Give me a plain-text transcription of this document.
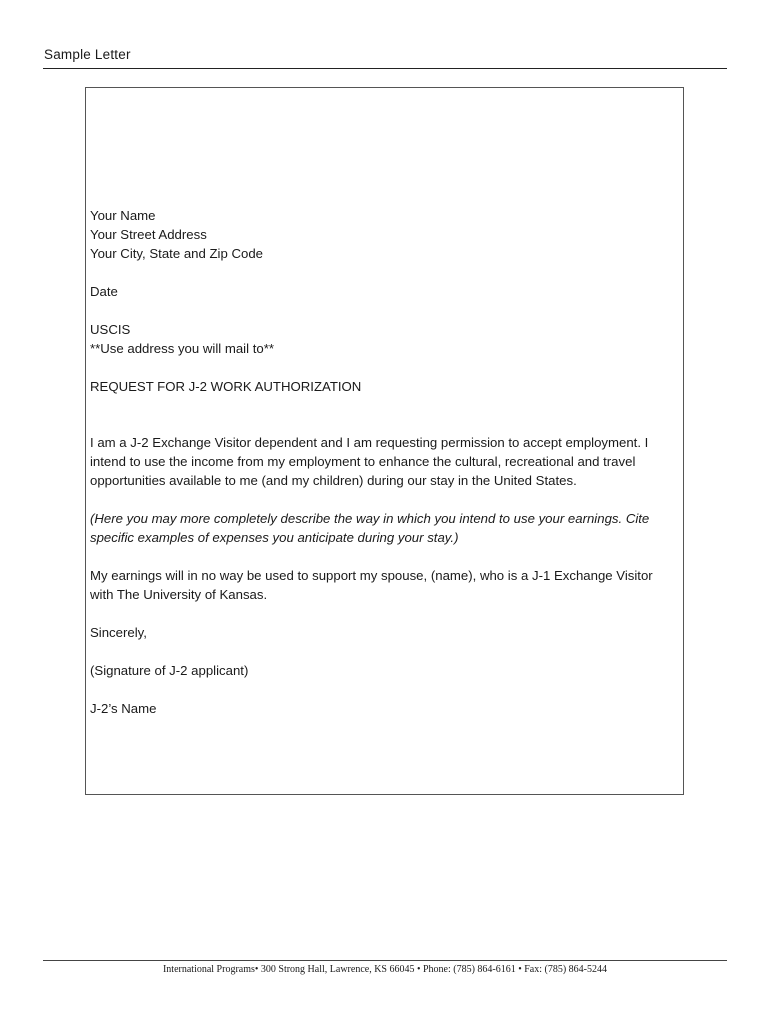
Sample Letter
Your Name
Your Street Address
Your City, State and Zip Code
Date
USCIS
**Use address you will mail to**
REQUEST FOR J-2 WORK AUTHORIZATION
I am a J-2 Exchange Visitor dependent and I am requesting permission to accept employment. I intend to use the income from my employment to enhance the cultural, recreational and travel opportunities available to me (and my children) during our stay in the United States.
(Here you may more completely describe the way in which you intend to use your earnings. Cite specific examples of expenses you anticipate during your stay.)
My earnings will in no way be used to support my spouse, (name), who is a J-1 Exchange Visitor with The University of Kansas.
Sincerely,
(Signature of J-2 applicant)
J-2’s Name
International Programs• 300 Strong Hall, Lawrence, KS 66045 • Phone: (785) 864-6161 • Fax: (785) 864-5244
